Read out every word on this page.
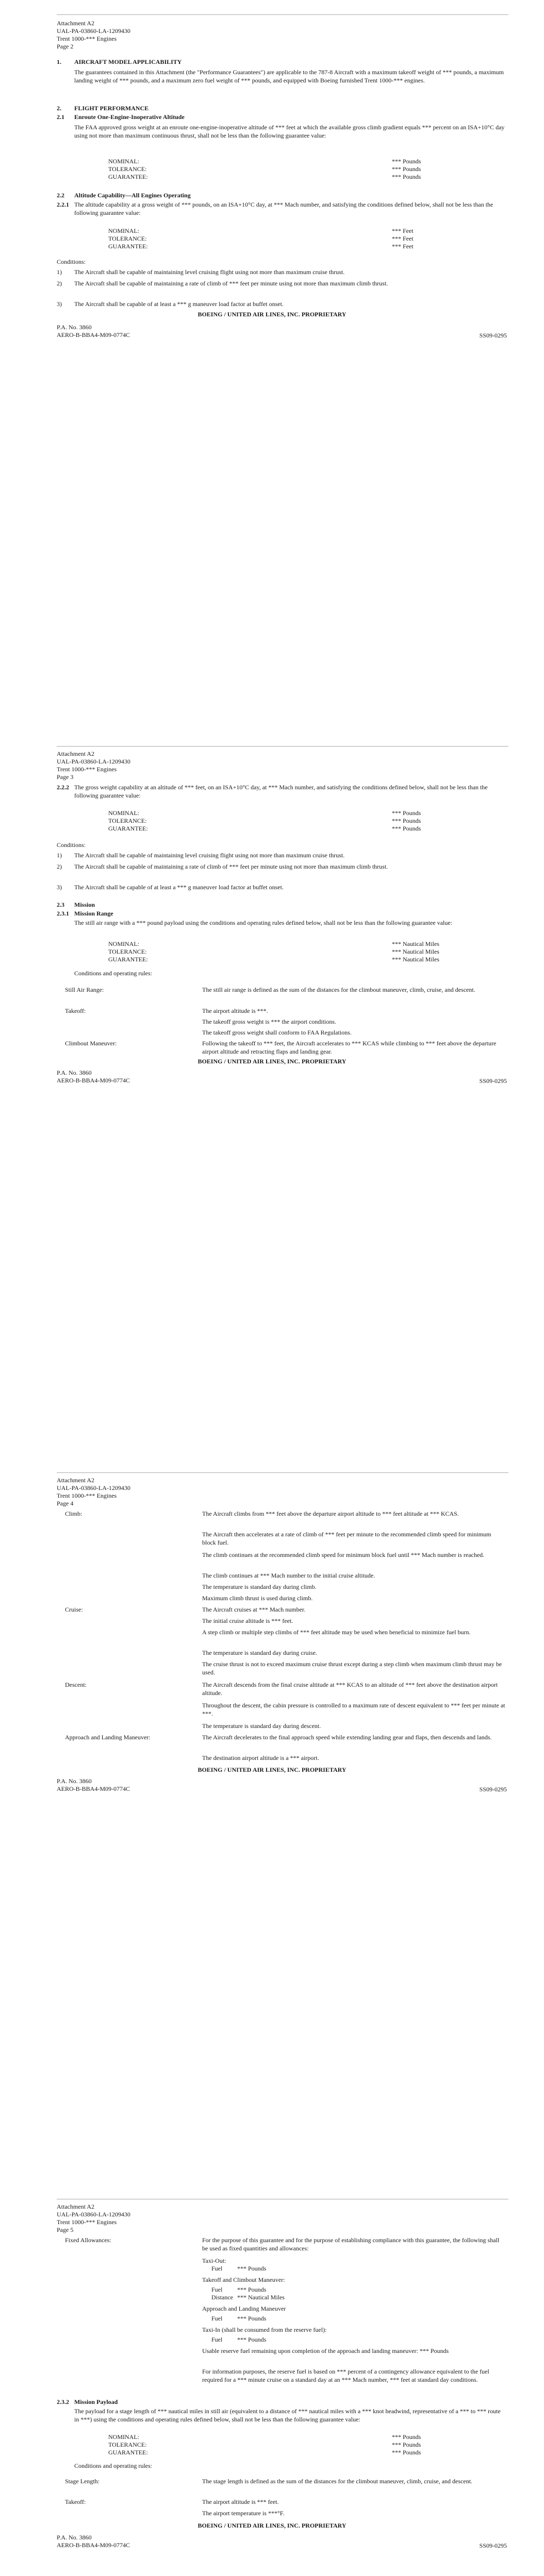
Attachment A2
UAL-PA-03860-LA-1209430
Trent 1000-*** Engines
Page 2
1. AIRCRAFT MODEL APPLICABILITY
The guarantees contained in this Attachment (the "Performance Guarantees") are applicable to the 787-8 Aircraft with a maximum takeoff weight of *** pounds, a maximum landing weight of *** pounds, and a maximum zero fuel weight of *** pounds, and equipped with Boeing furnished Trent 1000-*** engines.
2. FLIGHT PERFORMANCE
2.1 Enroute One-Engine-Inoperative Altitude
The FAA approved gross weight at an enroute one-engine-inoperative altitude of *** feet at which the available gross climb gradient equals *** percent on an ISA+10°C day using not more than maximum continuous thrust, shall not be less than the following guarantee value:
NOMINAL:	*** Pounds
TOLERANCE:	*** Pounds
GUARANTEE:	*** Pounds
2.2 Altitude Capability—All Engines Operating
2.2.1 The altitude capability at a gross weight of *** pounds, on an ISA+10°C day, at *** Mach number, and satisfying the conditions defined below, shall not be less than the following guarantee value:
NOMINAL:	*** Feet
TOLERANCE:	*** Feet
GUARANTEE:	*** Feet
Conditions:
1) The Aircraft shall be capable of maintaining level cruising flight using not more than maximum cruise thrust.
2) The Aircraft shall be capable of maintaining a rate of climb of *** feet per minute using not more than maximum climb thrust.
3) The Aircraft shall be capable of at least a *** g maneuver load factor at buffet onset.
BOEING / UNITED AIR LINES, INC. PROPRIETARY
P.A. No. 3860
AERO-B-BBA4-M09-0774C	SS09-0295
Attachment A2
UAL-PA-03860-LA-1209430
Trent 1000-*** Engines
Page 3
2.2.2 The gross weight capability at an altitude of *** feet, on an ISA+10°C day, at *** Mach number, and satisfying the conditions defined below, shall not be less than the following guarantee value:
NOMINAL:	*** Pounds
TOLERANCE:	*** Pounds
GUARANTEE:	*** Pounds
Conditions:
1) The Aircraft shall be capable of maintaining level cruising flight using not more than maximum cruise thrust.
2) The Aircraft shall be capable of maintaining a rate of climb of *** feet per minute using not more than maximum climb thrust.
3) The Aircraft shall be capable of at least a *** g maneuver load factor at buffet onset.
2.3 Mission
2.3.1 Mission Range
The still air range with a *** pound payload using the conditions and operating rules defined below, shall not be less than the following guarantee value:
NOMINAL:	*** Nautical Miles
TOLERANCE:	*** Nautical Miles
GUARANTEE:	*** Nautical Miles
Conditions and operating rules:
Still Air Range:	The still air range is defined as the sum of the distances for the climbout maneuver, climb, cruise, and descent.
Takeoff:	The airport altitude is ***.
The takeoff gross weight is *** the airport conditions.
The takeoff gross weight shall conform to FAA Regulations.
Climbout Maneuver:	Following the takeoff to *** feet, the Aircraft accelerates to *** KCAS while climbing to *** feet above the departure airport altitude and retracting flaps and landing gear.
BOEING / UNITED AIR LINES, INC. PROPRIETARY
P.A. No. 3860
AERO-B-BBA4-M09-0774C	SS09-0295
Attachment A2
UAL-PA-03860-LA-1209430
Trent 1000-*** Engines
Page 4
Climb:	The Aircraft climbs from *** feet above the departure airport altitude to *** feet altitude at *** KCAS.
The Aircraft then accelerates at a rate of climb of *** feet per minute to the recommended climb speed for minimum block fuel.
The climb continues at the recommended climb speed for minimum block fuel until *** Mach number is reached.
The climb continues at *** Mach number to the initial cruise altitude.
The temperature is standard day during climb.
Maximum climb thrust is used during climb.
Cruise:	The Aircraft cruises at *** Mach number.
The initial cruise altitude is *** feet.
A step climb or multiple step climbs of *** feet altitude may be used when beneficial to minimize fuel burn.
The temperature is standard day during cruise.
The cruise thrust is not to exceed maximum cruise thrust except during a step climb when maximum climb thrust may be used.
Descent:	The Aircraft descends from the final cruise altitude at *** KCAS to an altitude of *** feet above the destination airport altitude.
Throughout the descent, the cabin pressure is controlled to a maximum rate of descent equivalent to *** feet per minute at ***.
The temperature is standard day during descent.
Approach and Landing Maneuver:	The Aircraft decelerates to the final approach speed while extending landing gear and flaps, then descends and lands.
The destination airport altitude is a *** airport.
BOEING / UNITED AIR LINES, INC. PROPRIETARY
P.A. No. 3860
AERO-B-BBA4-M09-0774C	SS09-0295
Attachment A2
UAL-PA-03860-LA-1209430
Trent 1000-*** Engines
Page 5
Fixed Allowances:	For the purpose of this guarantee and for the purpose of establishing compliance with this guarantee, the following shall be used as fixed quantities and allowances:
Taxi-Out:
Fuel *** Pounds
Takeoff and Climbout Maneuver:
Fuel *** Pounds
Distance *** Nautical Miles
Approach and Landing Maneuver
Fuel *** Pounds
Taxi-In (shall be consumed from the reserve fuel):
Fuel *** Pounds
Usable reserve fuel remaining upon completion of the approach and landing maneuver: *** Pounds
For information purposes, the reserve fuel is based on *** percent of a contingency allowance equivalent to the fuel required for a *** minute cruise on a standard day at an *** Mach number, *** feet at standard day conditions.
2.3.2 Mission Payload
The payload for a stage length of *** nautical miles in still air (equivalent to a distance of *** nautical miles with a *** knot headwind, representative of a *** to *** route in ***) using the conditions and operating rules defined below, shall not be less than the following guarantee value:
NOMINAL:	*** Pounds
TOLERANCE:	*** Pounds
GUARANTEE:	*** Pounds
Conditions and operating rules:
Stage Length:	The stage length is defined as the sum of the distances for the climbout maneuver, climb, cruise, and descent.
Takeoff:	The airport altitude is *** feet.
The airport temperature is ***°F.
BOEING / UNITED AIR LINES, INC. PROPRIETARY
P.A. No. 3860
AERO-B-BBA4-M09-0774C	SS09-0295
